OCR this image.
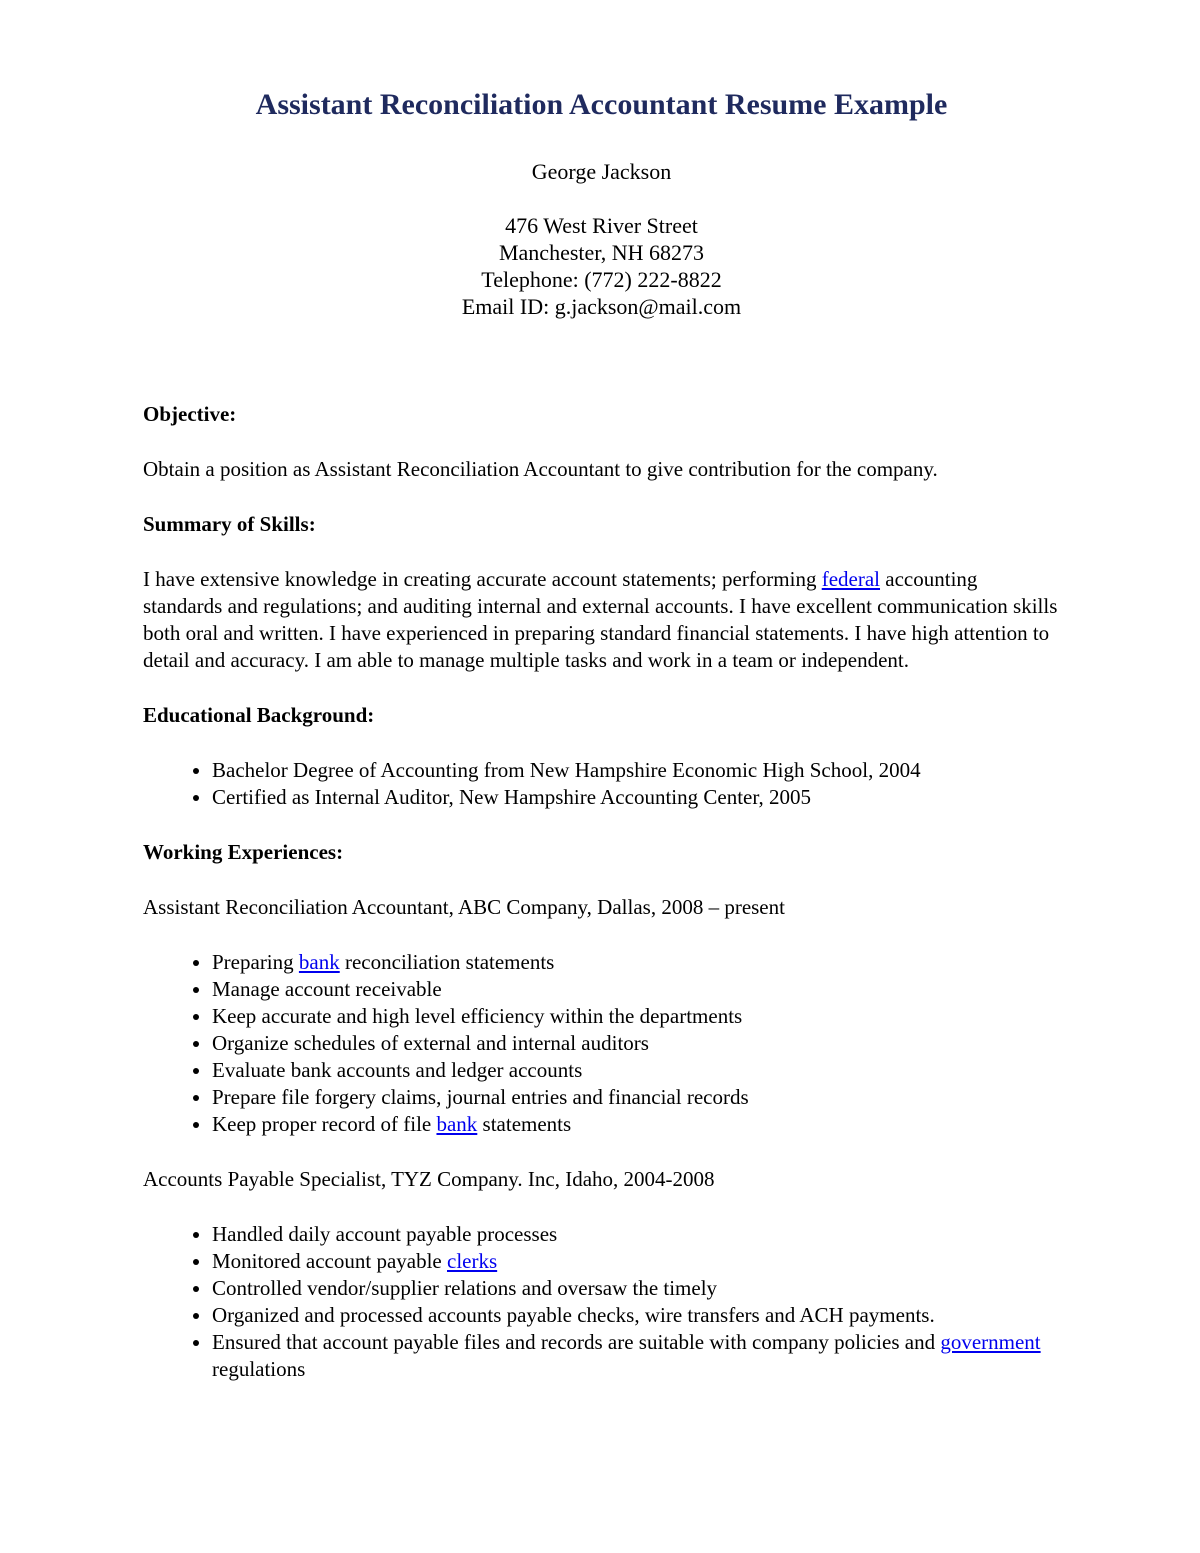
Assistant Reconciliation Accountant Resume Example
George Jackson
476 West River Street
Manchester, NH 68273
Telephone: (772) 222-8822
Email ID: g.jackson@mail.com
Objective:

Obtain a position as Assistant Reconciliation Accountant to give contribution for the company.

Summary of Skills:

I have extensive knowledge in creating accurate account statements; performing federal accounting standards and regulations; and auditing internal and external accounts. I have excellent communication skills both oral and written. I have experienced in preparing standard financial statements. I have high attention to detail and accuracy. I am able to manage multiple tasks and work in a team or independent.

Educational Background:
• Bachelor Degree of Accounting from New Hampshire Economic High School, 2004
• Certified as Internal Auditor, New Hampshire Accounting Center, 2005
Working Experiences:

Assistant Reconciliation Accountant, ABC Company, Dallas, 2008 – present

• Preparing bank reconciliation statements
• Manage account receivable
• Keep accurate and high level efficiency within the departments
• Organize schedules of external and internal auditors
• Evaluate bank accounts and ledger accounts
• Prepare file forgery claims, journal entries and financial records
• Keep proper record of file bank statements

Accounts Payable Specialist, TYZ Company. Inc, Idaho, 2004-2008

• Handled daily account payable processes
• Monitored account payable clerks
• Controlled vendor/supplier relations and oversaw the timely
• Organized and processed accounts payable checks, wire transfers and ACH payments.
• Ensured that account payable files and records are suitable with company policies and government regulations
